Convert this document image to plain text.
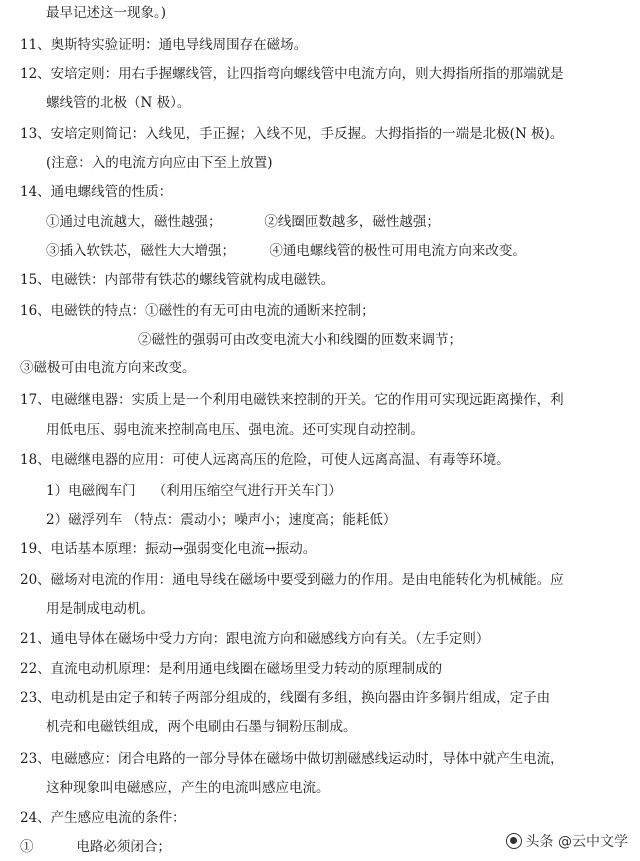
最早记述这一现象。)
11、奥斯特实验证明：通电导线周围存在磁场。
12、安培定则：用右手握螺线管，让四指弯向螺线管中电流方向，则大拇指所指的那端就是
螺线管的北极（N 极）。
13、安培定则简记：入线见，手正握；入线不见，手反握。大拇指指的一端是北极(N 极)。
(注意：入的电流方向应由下至上放置)
14、通电螺线管的性质：
①通过电流越大，磁性越强；          ②线圈匝数越多，磁性越强；
③插入软铁芯，磁性大大增强；        ④通电螺线管的极性可用电流方向来改变。
15、电磁铁：内部带有铁芯的螺线管就构成电磁铁。
16、电磁铁的特点：①磁性的有无可由电流的通断来控制；
②磁性的强弱可由改变电流大小和线圈的匝数来调节；
③磁极可由电流方向来改变。
17、电磁继电器：实质上是一个利用电磁铁来控制的开关。它的作用可实现远距离操作，利
用低电压、弱电流来控制高电压、强电流。还可实现自动控制。
18、电磁继电器的应用：可使人远离高压的危险，可使人远离高温、有毒等环境。
1）电磁阀车门    （利用压缩空气进行开关车门）
2）磁浮列车 （特点：震动小；噪声小；速度高；能耗低）
19、电话基本原理：振动→强弱变化电流→振动。
20、磁场对电流的作用：通电导线在磁场中要受到磁力的作用。是由电能转化为机械能。应
用是制成电动机。
21、通电导体在磁场中受力方向：跟电流方向和磁感线方向有关。（左手定则）
22、直流电动机原理：是利用通电线圈在磁场里受力转动的原理制成的
23、电动机是由定子和转子两部分组成的，线圈有多组，换向器由许多铜片组成，定子由
机壳和电磁铁组成，两个电刷由石墨与铜粉压制成。
23、电磁感应：闭合电路的一部分导体在磁场中做切割磁感线运动时，导体中就产生电流，
这种现象叫电磁感应，产生的电流叫感应电流。
24、产生感应电流的条件：
①          电路必须闭合；	头条 @云中文学
